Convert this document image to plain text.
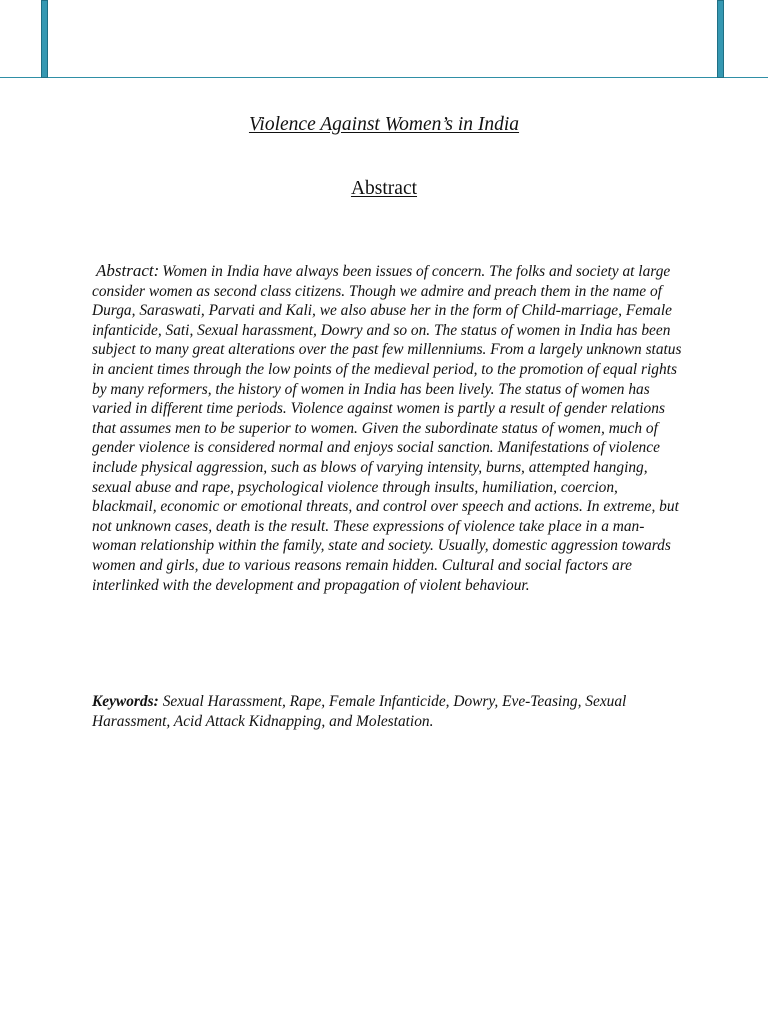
Violence Against Women’s in India
Abstract

Abstract: Women in India have always been issues of concern. The folks and society at large consider women as second class citizens. Though we admire and preach them in the name of Durga, Saraswati, Parvati and Kali, we also abuse her in the form of Child-marriage, Female infanticide, Sati, Sexual harassment, Dowry and so on. The status of women in India has been subject to many great alterations over the past few millenniums. From a largely unknown status in ancient times through the low points of the medieval period, to the promotion of equal rights by many reformers, the history of women in India has been lively. The status of women has varied in different time periods. Violence against women is partly a result of gender relations that assumes men to be superior to women. Given the subordinate status of women, much of gender violence is considered normal and enjoys social sanction. Manifestations of violence include physical aggression, such as blows of varying intensity, burns, attempted hanging, sexual abuse and rape, psychological violence through insults, humiliation, coercion, blackmail, economic or emotional threats, and control over speech and actions. In extreme, but not unknown cases, death is the result. These expressions of violence take place in a man-woman relationship within the family, state and society. Usually, domestic aggression towards women and girls, due to various reasons remain hidden. Cultural and social factors are interlinked with the development and propagation of violent behaviour.

Keywords: Sexual Harassment, Rape, Female Infanticide, Dowry, Eve-Teasing, Sexual Harassment, Acid Attack Kidnapping, and Molestation.
